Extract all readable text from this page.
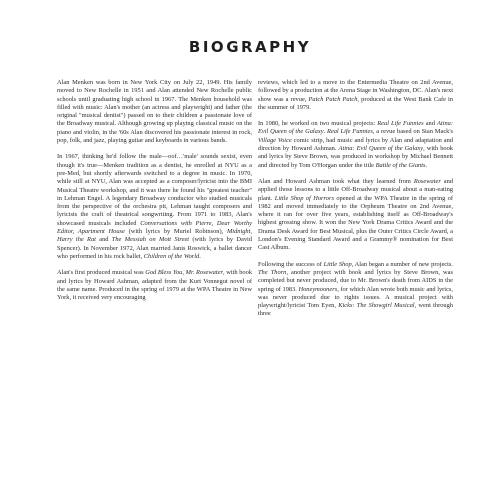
BIOGRAPHY

Alan Menken was born in New York City on July 22, 1949. His family moved to New Rochelle in 1951 and Alan attended New Rochelle public schools until graduating high school in 1967. The Menken household was filled with music: Alan's mother (an actress and playwright) and father (the original "musical dentist") passed on to their children a passionate love of the Broadway musical. Although growing up playing classical music on the piano and violin, in the '60s Alan discovered his passionate interest in rock, pop, folk, and jazz, playing guitar and keyboards in various bands.

In 1967, thinking he'd follow the male—oof…'male' sounds sexist, even though it's true—Menken tradition as a dentist, he enrolled at NYU as a pre-Med, but shortly afterwards switched to a degree in music. In 1970, while still at NYU, Alan was accepted as a composer/lyricist into the BMI Musical Theatre workshop, and it was there he found his "greatest teacher" in Lehman Engel. A legendary Broadway conductor who studied musicals from the perspective of the orchestra pit, Lehman taught composers and lyricists the craft of theatrical songwriting. From 1971 to 1983, Alan's showcased musicals included Conversations with Pierre, Dear Worthy Editor, Apartment House (with lyrics by Muriel Robinson), Midnight, Harry the Rat and The Messiah on Mott Street (with lyrics by David Spencer). In November 1972, Alan married Janis Roswick, a ballet dancer who performed in his rock ballet, Children of the World.

Alan's first produced musical was God Bless You, Mr. Rosewater, with book and lyrics by Howard Ashman, adapted from the Kurt Vonnegut novel of the same name. Produced in the spring of 1979 at the WPA Theatre in New York, it received very encouraging

reviews, which led to a move to the Entermedia Theatre on 2nd Avenue, followed by a production at the Arena Stage in Washington, DC. Alan's next show was a revue, Patch Patch Patch, produced at the West Bank Cafe in the summer of 1979.

In 1980, he worked on two musical projects: Real Life Funnies and Atina: Evil Queen of the Galaxy. Real Life Funnies, a revue based on Stan Mack's Village Voice comic strip, had music and lyrics by Alan and adaptation and direction by Howard Ashman. Atina: Evil Queen of the Galaxy, with book and lyrics by Steve Brown, was produced in workshop by Michael Bennett and directed by Tom O'Horgan under the title Battle of the Giants.

Alan and Howard Ashman took what they learned from Rosewater and applied those lessons to a little Off-Broadway musical about a man-eating plant. Little Shop of Horrors opened at the WPA Theatre in the spring of 1982 and moved immediately to the Orpheum Theatre on 2nd Avenue, where it ran for over five years, establishing itself as Off-Broadway's highest grossing show. It won the New York Drama Critics Award and the Drama Desk Award for Best Musical, plus the Outer Critics Circle Award, a London's Evening Standard Award and a Grammy® nomination for Best Cast Album.

Following the success of Little Shop, Alan began a number of new projects. The Thorn, another project with book and lyrics by Steve Brown, was completed but never produced, due to Mr. Brown's death from AIDS in the spring of 1983. Honeymooners, for which Alan wrote both music and lyrics, was never produced due to rights issues. A musical project with playwright/lyricist Tom Eyen, Kicks: The Showgirl Musical, went through three
